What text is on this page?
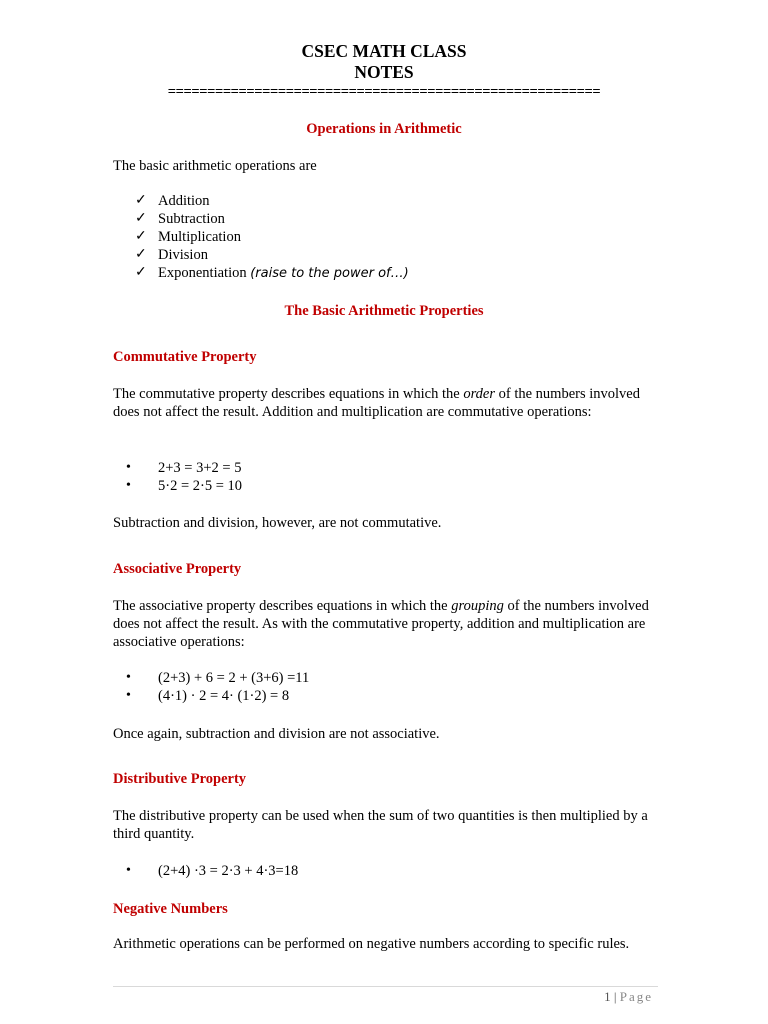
CSEC MATH CLASS
NOTES
=======================================================
Operations in Arithmetic
The basic arithmetic operations are
✓ Addition
✓ Subtraction
✓ Multiplication
✓ Division
✓ Exponentiation (raise to the power of…)
The Basic Arithmetic Properties
Commutative Property
The commutative property describes equations in which the order of the numbers involved does not affect the result. Addition and multiplication are commutative operations:
• 2+3 = 3+2 = 5
• 5·2 = 2·5 = 10
Subtraction and division, however, are not commutative.
Associative Property
The associative property describes equations in which the grouping of the numbers involved does not affect the result. As with the commutative property, addition and multiplication are associative operations:
• (2+3) + 6 = 2 + (3+6) =11
• (4·1) · 2 = 4· (1·2) = 8
Once again, subtraction and division are not associative.
Distributive Property
The distributive property can be used when the sum of two quantities is then multiplied by a third quantity.
• (2+4) ·3 = 2·3 + 4·3=18
Negative Numbers
Arithmetic operations can be performed on negative numbers according to specific rules.
1 | Page
